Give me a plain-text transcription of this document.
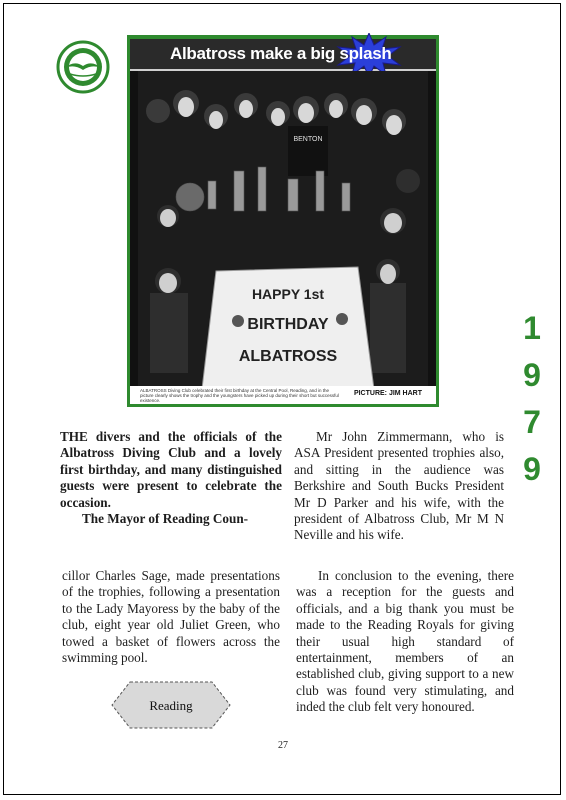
Albatross make a big splash
BENTON
HAPPY 1st
BIRTHDAY
ALBATROSS
ALBATROSS Diving Club celebrated their first birthday at the Central Pool, Reading, and in the picture clearly shows the trophy and the youngsters have picked up during their short but successful existence.
PICTURE: JIM HART
1
9
7
9

THE divers and the officials of the Albatross Diving Club and a lovely first birthday, and many distinguished guests were present to celebrate the occasion.

The Mayor of Reading Coun-

cillor Charles Sage, made presentations of the trophies, following a presentation to the Lady Mayoress by the baby of the club, eight year old Juliet Green, who towed a basket of flowers across the swimming pool.

Mr John Zimmermann, who is ASA President presented trophies also, and sitting in the audience was Berkshire and South Bucks President Mr D Parker and his wife, with the president of Albatross Club, Mr M N Neville and his wife.

In conclusion to the evening, there was a reception for the guests and officials, and a big thank you must be made to the Reading Royals for giving their usual high standard of entertainment, members of an established club, giving support to a new club was found very stimulating, and inded the club felt very honoured.

Reading
27
